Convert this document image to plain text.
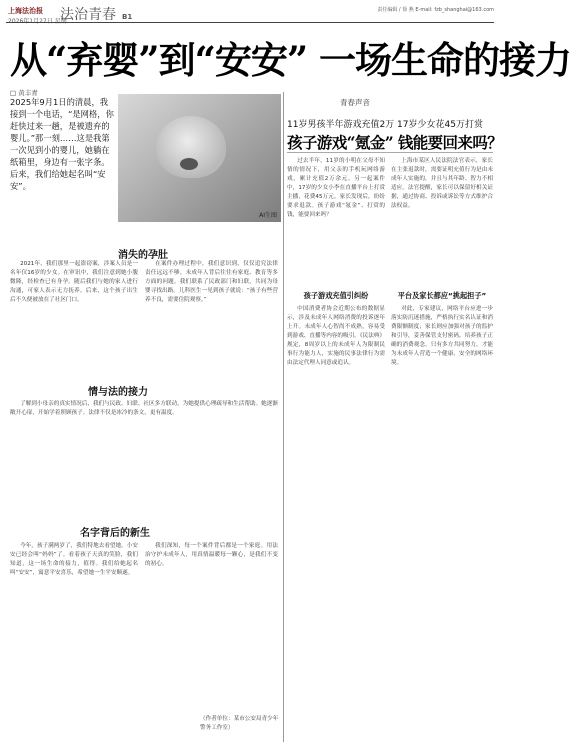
上海法治报
2026年1月27日 星期二
法治青春 B1
责任编辑 / 徐 燕 E-mail: fzb_shanghai@163.com
从“弃婴”到“安安” 一场生命的接力
□ 黄丰青
2025年9月1日的清晨，我接到一个电话，“是网格，你赶快过来一趟，是被遗弃的婴儿。”那一刻……这是我第一次见到小的婴儿，她躺在纸箱里，身边有一张字条。后来，我们给她起名叫“安安”。
AI生图
消失的孕肚

2021年，我们那里一起盗窃案，涉案人员是一名年仅16岁的少女。在审讯中，我们注意到她小腹微隆，经检查已有身孕。随后我们与她的家人进行沟通，可家人表示无力抚养。后来，这个孩子出生后不久便被放在了社区门口。

在案件办理过程中，我们意识到，仅仅追究法律责任远远不够。未成年人背后往往有家庭、教育等多方面的问题。我们联系了民政部门和妇联，共同为母婴寻找出路。儿科医生一见到孩子就说：“孩子有些营养不良，需要住院观察。”

情与法的接力

了解到小母亲的真实情况后，我们与民政、妇联、社区多方联动，为她提供心理疏导和生活帮助。她逐渐敞开心扉，开始学着照顾孩子。法律不仅是冰冷的条文，更有温度。

名字背后的新生

今年，孩子满两岁了，我们特地去看望她。小安安已经会叫“妈妈”了。看着孩子天真的笑脸，我们知道，这一场生命的接力，值得。我们给她起名叫“安安”，寓意平安喜乐，希望她一生平安顺遂。

我们深知，每一个案件背后都是一个家庭。用法治守护未成年人，用真情温暖每一颗心，是我们不变的初心。

（作者单位：某市公安局青少年警务工作室）
青春声音
11岁男孩半年游戏充值2万 17岁少女花45万打赏
孩子游戏“氪金” 钱能要回来吗？

过去半年，11岁的小明在父母不知情的情况下，用父亲的手机玩网络游戏，累计充值2万余元。另一起案件中，17岁的少女小李在直播平台上打赏主播，花费45万元。家长发现后，纷纷要求退款。孩子游戏“氪金”、打赏的钱，能要回来吗？

孩子游戏充值引纠纷

中国消费者协会近期公布的数据显示，涉及未成年人网络消费的投诉逐年上升。未成年人心智尚不成熟，容易受到游戏、直播等内容的吸引。《民法典》规定，8周岁以上的未成年人为限制民事行为能力人，实施的民事法律行为需由法定代理人同意或追认。

平台及家长都应“挑起担子”

上海市某区人民法院法官表示，家长在主张退款时，需要证明充值行为是由未成年人实施的，并且与其年龄、智力不相适应。法官提醒，家长可以保留好相关证据，通过协商、投诉或诉讼等方式维护合法权益。

对此，专家建议，网络平台应进一步落实防沉迷措施，严格执行实名认证和消费限额制度；家长则应加强对孩子的监护和引导，妥善保管支付密码，培养孩子正确的消费观念。只有多方共同努力，才能为未成年人营造一个健康、安全的网络环境。
